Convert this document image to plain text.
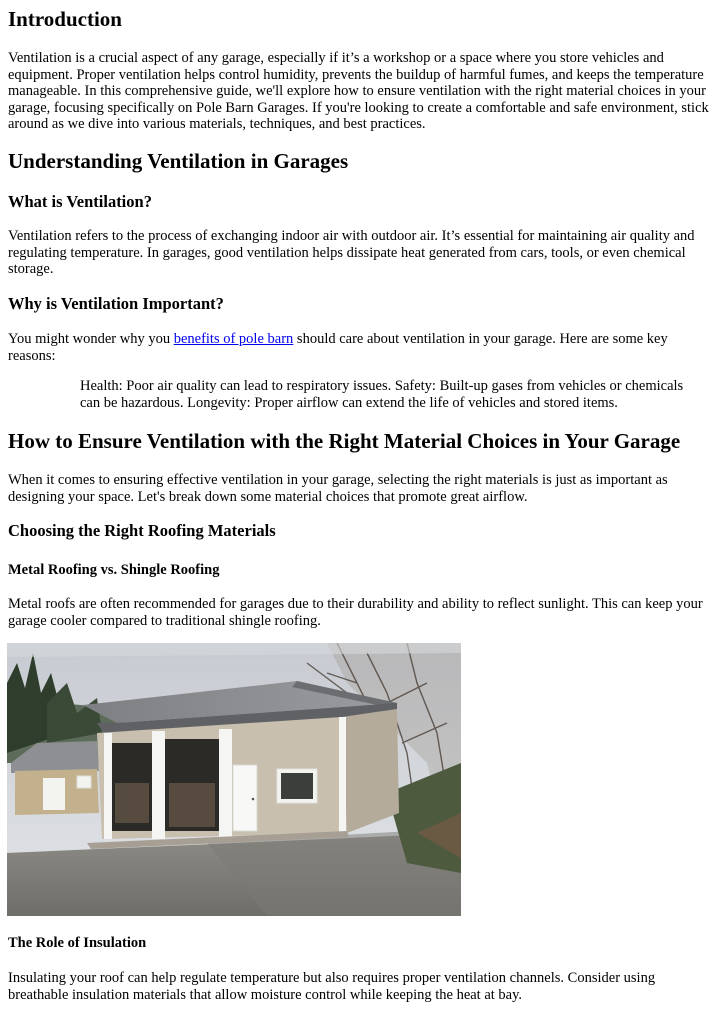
Introduction

Ventilation is a crucial aspect of any garage, especially if it’s a workshop or a space where you store vehicles and equipment. Proper ventilation helps control humidity, prevents the buildup of harmful fumes, and keeps the temperature manageable. In this comprehensive guide, we'll explore how to ensure ventilation with the right material choices in your garage, focusing specifically on Pole Barn Garages. If you're looking to create a comfortable and safe environment, stick around as we dive into various materials, techniques, and best practices.

Understanding Ventilation in Garages
What is Ventilation?

Ventilation refers to the process of exchanging indoor air with outdoor air. It’s essential for maintaining air quality and regulating temperature. In garages, good ventilation helps dissipate heat generated from cars, tools, or even chemical storage.

Why is Ventilation Important?

You might wonder why you benefits of pole barn should care about ventilation in your garage. Here are some key reasons:

Health: Poor air quality can lead to respiratory issues. Safety: Built-up gases from vehicles or chemicals can be hazardous. Longevity: Proper airflow can extend the life of vehicles and stored items.

How to Ensure Ventilation with the Right Material Choices in Your Garage

When it comes to ensuring effective ventilation in your garage, selecting the right materials is just as important as designing your space. Let's break down some material choices that promote great airflow.

Choosing the Right Roofing Materials
Metal Roofing vs. Shingle Roofing

Metal roofs are often recommended for garages due to their durability and ability to reflect sunlight. This can keep your garage cooler compared to traditional shingle roofing.

The Role of Insulation

Insulating your roof can help regulate temperature but also requires proper ventilation channels. Consider using breathable insulation materials that allow moisture control while keeping the heat at bay.
